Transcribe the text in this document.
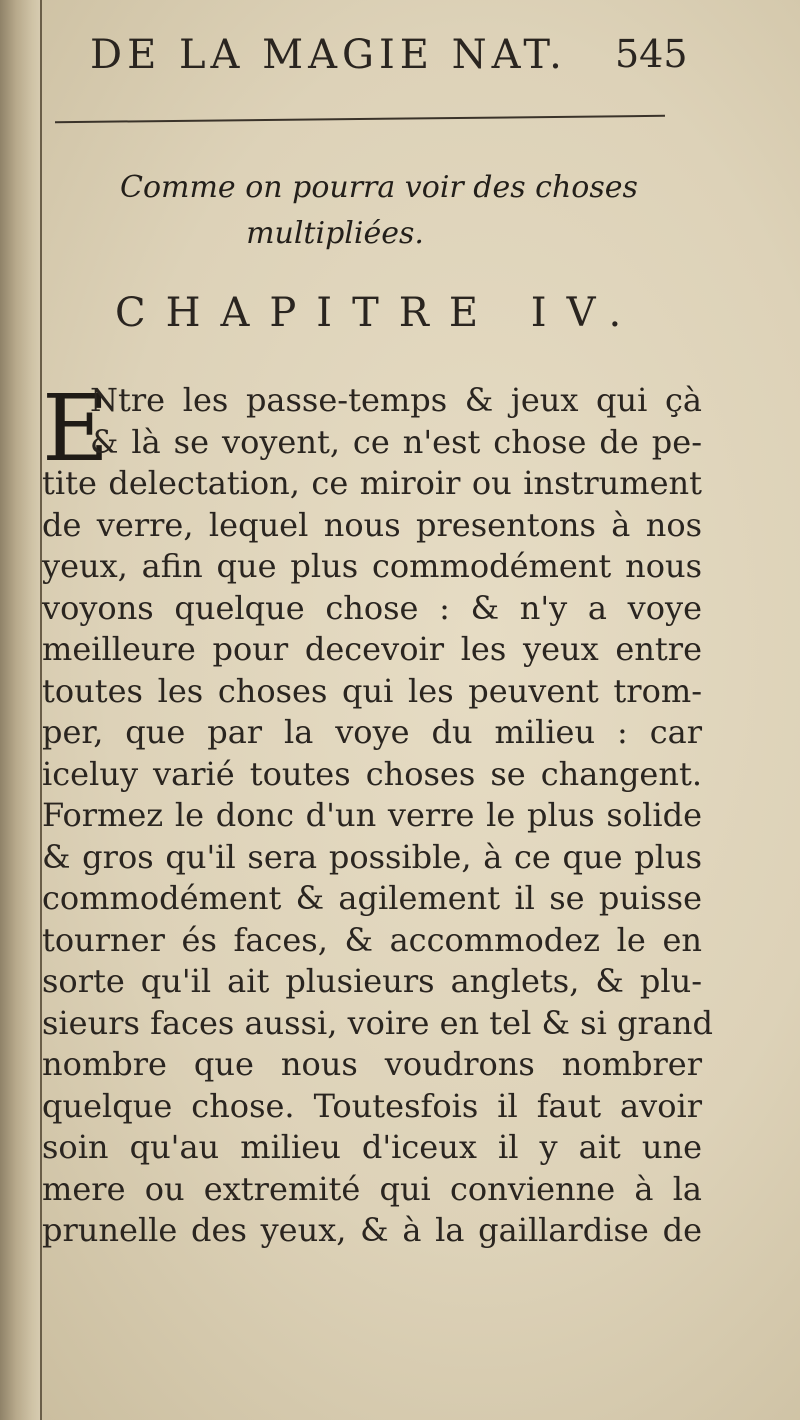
DE LA MAGIE NAT. 545
Comme on pourra voir des choses
multipliées.
CHAPITRE IV.
E
Ntre les passe-temps & jeux qui çà
& là se voyent, ce n'est chose de pe-
tite delectation, ce miroir ou instrument
de verre, lequel nous presentons à nos
yeux, afin que plus commodément nous
voyons quelque chose : & n'y a voye
meilleure pour decevoir les yeux entre
toutes les choses qui les peuvent trom-
per, que par la voye du milieu : car
iceluy varié toutes choses se changent.
Formez le donc d'un verre le plus solide
& gros qu'il sera possible, à ce que plus
commodément & agilement il se puisse
tourner és faces, & accommodez le en
sorte qu'il ait plusieurs anglets, & plu-
sieurs faces aussi, voire en tel & si grand
nombre que nous voudrons nombrer
quelque chose. Toutesfois il faut avoir
soin qu'au milieu d'iceux il y ait une
mere ou extremité qui convienne à la
prunelle des yeux, & à la gaillardise de
